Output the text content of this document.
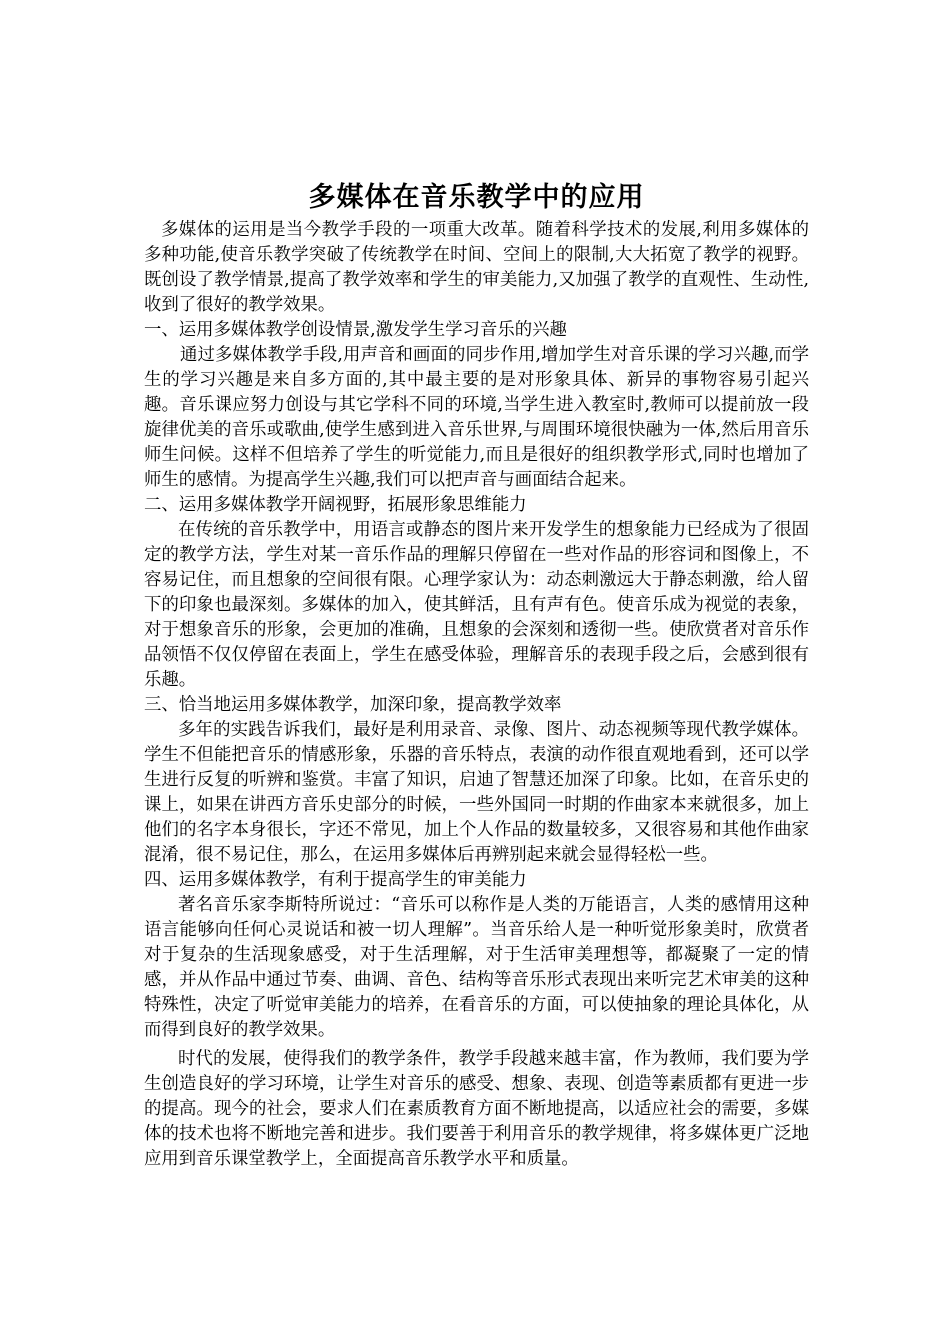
多媒体在音乐教学中的应用

多媒体的运用是当今教学手段的一项重大改革。随着科学技术的发展,利用多媒体的多种功能,使音乐教学突破了传统教学在时间、空间上的限制,大大拓宽了教学的视野。既创设了教学情景,提高了教学效率和学生的审美能力,又加强了教学的直观性、生动性,收到了很好的教学效果。

一、运用多媒体教学创设情景,激发学生学习音乐的兴趣

通过多媒体教学手段,用声音和画面的同步作用,增加学生对音乐课的学习兴趣,而学生的学习兴趣是来自多方面的,其中最主要的是对形象具体、新异的事物容易引起兴趣。音乐课应努力创设与其它学科不同的环境,当学生进入教室时,教师可以提前放一段旋律优美的音乐或歌曲,使学生感到进入音乐世界,与周围环境很快融为一体,然后用音乐师生问候。这样不但培养了学生的听觉能力,而且是很好的组织教学形式,同时也增加了师生的感情。为提高学生兴趣,我们可以把声音与画面结合起来。

二、运用多媒体教学开阔视野，拓展形象思维能力

在传统的音乐教学中，用语言或静态的图片来开发学生的想象能力已经成为了很固定的教学方法，学生对某一音乐作品的理解只停留在一些对作品的形容词和图像上，不容易记住，而且想象的空间很有限。心理学家认为：动态刺激远大于静态刺激，给人留下的印象也最深刻。多媒体的加入，使其鲜活，且有声有色。使音乐成为视觉的表象，对于想象音乐的形象，会更加的准确，且想象的会深刻和透彻一些。使欣赏者对音乐作品领悟不仅仅停留在表面上，学生在感受体验，理解音乐的表现手段之后，会感到很有乐趣。

三、恰当地运用多媒体教学，加深印象，提高教学效率

多年的实践告诉我们，最好是利用录音、录像、图片、动态视频等现代教学媒体。学生不但能把音乐的情感形象，乐器的音乐特点，表演的动作很直观地看到，还可以学生进行反复的听辨和鉴赏。丰富了知识，启迪了智慧还加深了印象。比如，在音乐史的课上，如果在讲西方音乐史部分的时候，一些外国同一时期的作曲家本来就很多，加上他们的名字本身很长，字还不常见，加上个人作品的数量较多，又很容易和其他作曲家混淆，很不易记住，那么，在运用多媒体后再辨别起来就会显得轻松一些。

四、运用多媒体教学，有利于提高学生的审美能力

著名音乐家李斯特所说过：“音乐可以称作是人类的万能语言，人类的感情用这种语言能够向任何心灵说话和被一切人理解”。当音乐给人是一种听觉形象美时，欣赏者对于复杂的生活现象感受，对于生活理解，对于生活审美理想等，都凝聚了一定的情感，并从作品中通过节奏、曲调、音色、结构等音乐形式表现出来听完艺术审美的这种特殊性，决定了听觉审美能力的培养，在看音乐的方面，可以使抽象的理论具体化，从而得到良好的教学效果。

时代的发展，使得我们的教学条件，教学手段越来越丰富，作为教师，我们要为学生创造良好的学习环境，让学生对音乐的感受、想象、表现、创造等素质都有更进一步的提高。现今的社会，要求人们在素质教育方面不断地提高，以适应社会的需要，多媒体的技术也将不断地完善和进步。我们要善于利用音乐的教学规律，将多媒体更广泛地应用到音乐课堂教学上，全面提高音乐教学水平和质量。
